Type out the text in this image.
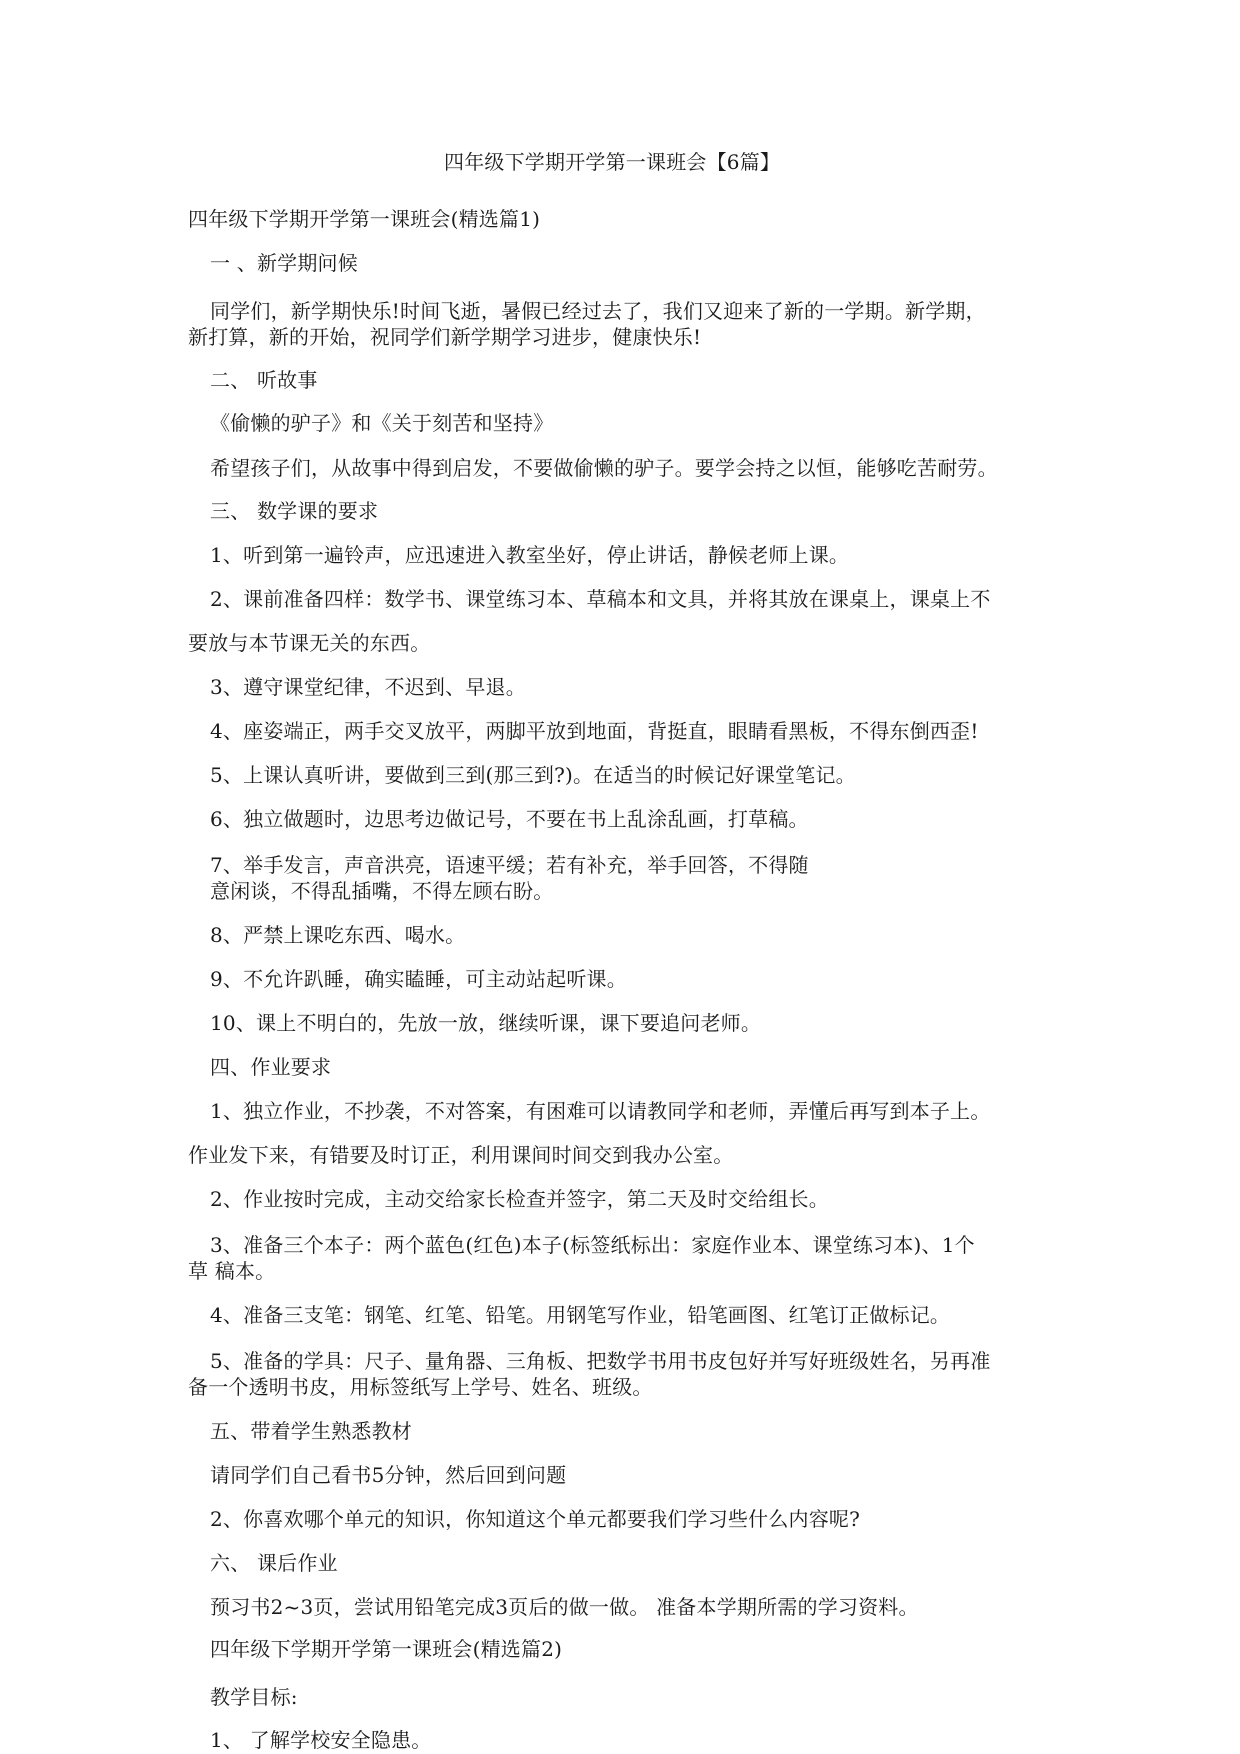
四年级下学期开学第一课班会【6篇】

四年级下学期开学第一课班会(精选篇1)

一 、新学期问候

同学们，新学期快乐!时间飞逝，暑假已经过去了，我们又迎来了新的一学期。新学期，

新打算，新的开始，祝同学们新学期学习进步，健康快乐!

二、 听故事

《偷懒的驴子》和《关于刻苦和坚持》

希望孩子们，从故事中得到启发，不要做偷懒的驴子。要学会持之以恒，能够吃苦耐劳。

三、 数学课的要求

1、听到第一遍铃声，应迅速进入教室坐好，停止讲话，静候老师上课。

2、课前准备四样：数学书、课堂练习本、草稿本和文具，并将其放在课桌上，课桌上不

要放与本节课无关的东西。

3、遵守课堂纪律，不迟到、早退。

4、座姿端正，两手交叉放平，两脚平放到地面，背挺直，眼睛看黑板，不得东倒西歪!

5、上课认真听讲，要做到三到(那三到?)。在适当的时候记好课堂笔记。

6、独立做题时，边思考边做记号，不要在书上乱涂乱画，打草稿。

7、举手发言，声音洪亮，语速平缓；若有补充，举手回答，不得随

意闲谈，不得乱插嘴，不得左顾右盼。

8、严禁上课吃东西、喝水。

9、不允许趴睡，确实瞌睡，可主动站起听课。

10、课上不明白的，先放一放，继续听课，课下要追问老师。

四、作业要求

1、独立作业，不抄袭，不对答案，有困难可以请教同学和老师，弄懂后再写到本子上。

作业发下来，有错要及时订正，利用课间时间交到我办公室。

2、作业按时完成，主动交给家长检查并签字，第二天及时交给组长。

3、准备三个本子：两个蓝色(红色)本子(标签纸标出：家庭作业本、课堂练习本)、1个

草 稿本。

4、准备三支笔：钢笔、红笔、铅笔。用钢笔写作业，铅笔画图、红笔订正做标记。

5、准备的学具：尺子、量角器、三角板、把数学书用书皮包好并写好班级姓名，另再准

备一个透明书皮，用标签纸写上学号、姓名、班级。

五、带着学生熟悉教材

请同学们自己看书5分钟，然后回到问题

2、你喜欢哪个单元的知识，你知道这个单元都要我们学习些什么内容呢?

六、 课后作业

预习书2~3页，尝试用铅笔完成3页后的做一做。 准备本学期所需的学习资料。

四年级下学期开学第一课班会(精选篇2)

教学目标:

1、 了解学校安全隐患。
